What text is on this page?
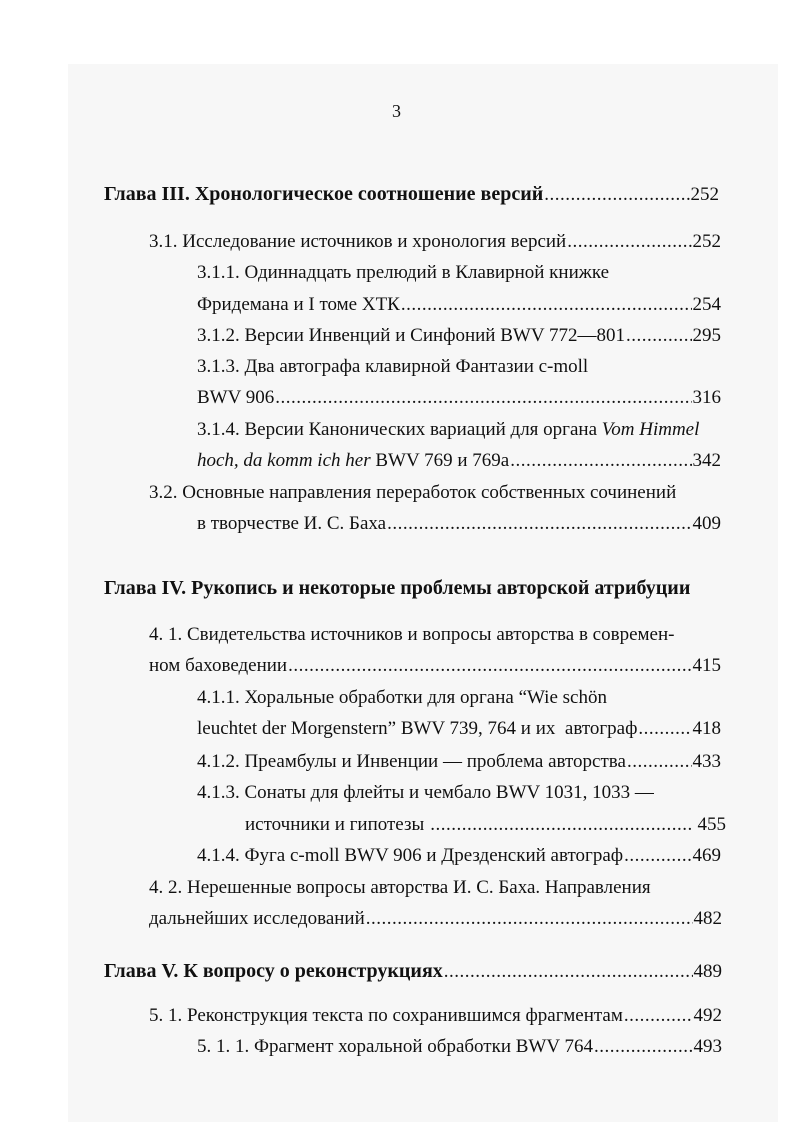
3
Глава III. Хронологическое соотношение версий .....	252
3.1. Исследование источников и хронология версий .....	252
3.1.1. Одиннадцать прелюдий в Клавирной книжке
Фридемана и I томе ХТК .....	254
3.1.2. Версии Инвенций и Синфоний BWV 772—801 .....	295
3.1.3. Два автографа клавирной Фантазии c-moll
BWV 906 .....	316
3.1.4. Версии Канонических вариаций для органа Vom Himmel
hoch, da komm ich her BWV 769 и 769а .....	342
3.2. Основные направления переработок собственных сочинений
в творчестве И. С. Баха .....	409
Глава IV. Рукопись и некоторые проблемы авторской атрибуции
4. 1. Свидетельства источников и вопросы авторства в современ-
ном баховедении .....	415
4.1.1. Хоральные обработки для органа “Wie schön
leuchtet der Morgenstern” BWV 739, 764 и их  автограф .....	418
4.1.2. Преамбулы и Инвенции — проблема авторства .....	433
4.1.3. Сонаты для флейты и чембало BWV 1031, 1033 —
источники и гипотезы .....	455
4.1.4. Фуга c-moll BWV 906 и Дрезденский автограф .....	469
4. 2. Нерешенные вопросы авторства И. С. Баха. Направления
дальнейших исследований .....	482
Глава V. К вопросу о реконструкциях .....	489
5. 1. Реконструкция текста по сохранившимся фрагментам .....	492
5. 1. 1. Фрагмент хоральной обработки BWV 764 .....	493
